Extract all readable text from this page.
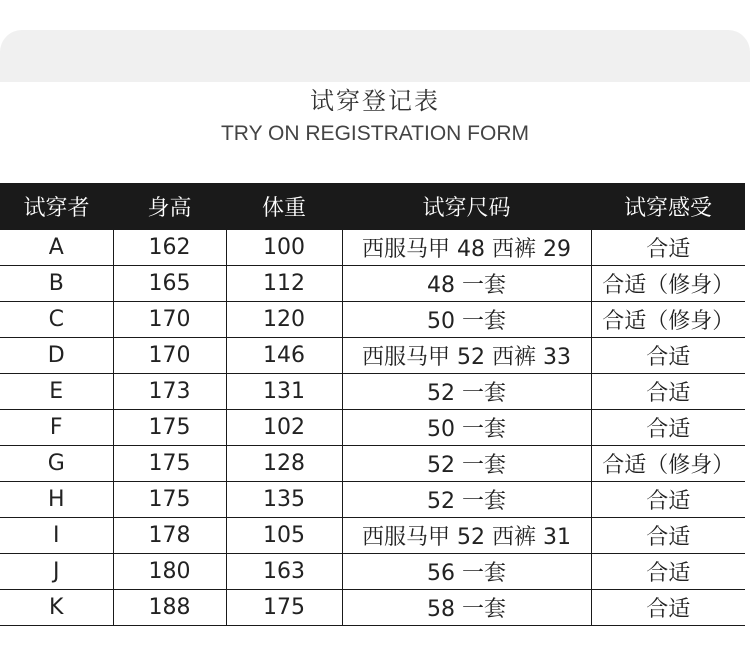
试穿登记表
TRY ON REGISTRATION FORM
试穿者	身高	体重	试穿尺码	试穿感受
A	162	100	西服马甲 48 西裤 29	合适
B	165	112	48 一套	合适（修身）
C	170	120	50 一套	合适（修身）
D	170	146	西服马甲 52 西裤 33	合适
E	173	131	52 一套	合适
F	175	102	50 一套	合适
G	175	128	52 一套	合适（修身）
H	175	135	52 一套	合适
I	178	105	西服马甲 52 西裤 31	合适
J	180	163	56 一套	合适
K	188	175	58 一套	合适
